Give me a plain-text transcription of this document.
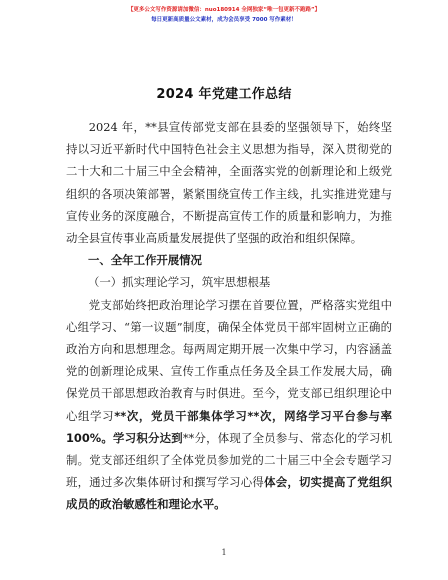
【更多公文写作资源请加微信：nuo180914 全网独家“唯一包更新不跑路”】
每日更新高质量公文素材，成为会员享受 7000 写作素材！
2024 年党建工作总结

2024 年，**县宣传部党支部在县委的坚强领导下，始终坚持以习近平新时代中国特色社会主义思想为指导，深入贯彻党的二十大和二十届三中全会精神，全面落实党的创新理论和上级党组织的各项决策部署，紧紧围绕宣传工作主线，扎实推进党建与宣传业务的深度融合，不断提高宣传工作的质量和影响力，为推动全县宣传事业高质量发展提供了坚强的政治和组织保障。

一、全年工作开展情况

（一）抓实理论学习，筑牢思想根基

党支部始终把政治理论学习摆在首要位置，严格落实党组中心组学习、“第一议题”制度，确保全体党员干部牢固树立正确的政治方向和思想理念。每两周定期开展一次集中学习，内容涵盖党的创新理论成果、宣传工作重点任务及全县工作发展大局，确保党员干部思想政治教育与时俱进。至今，党支部已组织理论中心组学习**次，党员干部集体学习**次，网络学习平台参与率 100%。学习积分达到**分，体现了全员参与、常态化的学习机制。党支部还组织了全体党员参加党的二十届三中全会专题学习班，通过多次集体研讨和撰写学习心得体会，切实提高了党组织成员的政治敏感性和理论水平。

1
